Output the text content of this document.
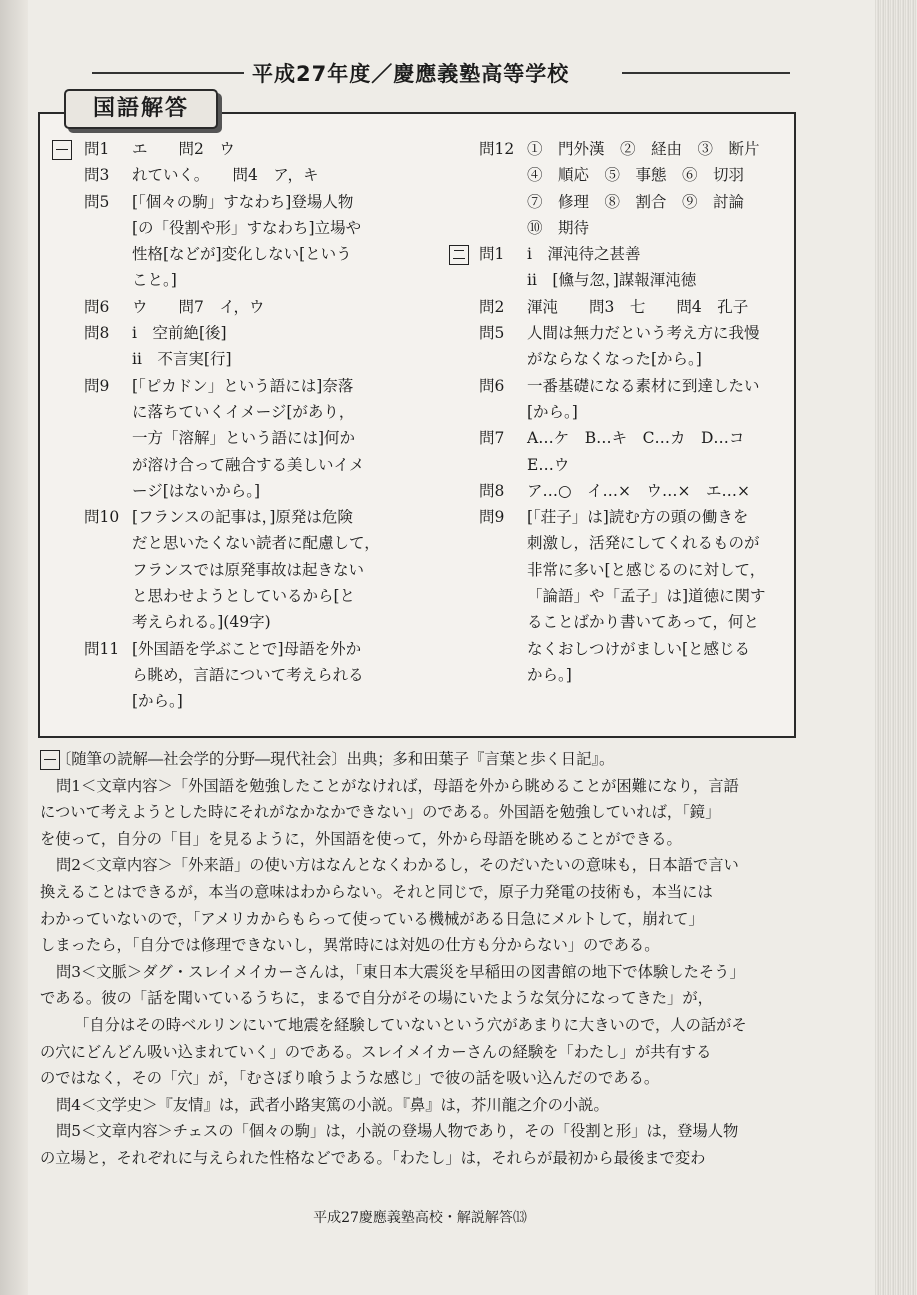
平成27年度／慶應義塾高等学校
国語解答
問1 エ　　問2　ウ
問3 れていく。　　問4　ア，キ
問5 [「個々の駒」すなわち]登場人物
[の「役割や形」すなわち]立場や
性格[などが]変化しない[という
こと。]
問6 ウ　　問7　イ，ウ
問8 ⅰ　空前絶[後]
ⅱ　不言実[行]
問9 [「ピカドン」という語には]奈落
に落ちていくイメージ[があり，
一方「溶解」という語には]何か
が溶け合って融合する美しいイメ
ージ[はないから。]
問10 [フランスの記事は，]原発は危険
だと思いたくない読者に配慮して，
フランスでは原発事故は起きない
と思わせようとしているから[と
考えられる。](49字)
問11 [外国語を学ぶことで]母語を外か
ら眺め，言語について考えられる
[から。]
問12 ①　門外漢　②　経由　③　断片
④　順応　⑤　事態　⑥　切羽
⑦　修理　⑧　割合　⑨　討論
⑩　期待
問1 ⅰ　渾沌待之甚善
ⅱ　[儵与忽，]謀報渾沌徳
問2 渾沌　　問3　七　　問4　孔子
問5 人間は無力だという考え方に我慢
がならなくなった[から。]
問6 一番基礎になる素材に到達したい
[から。]
問7 A…ケ　B…キ　C…カ　D…コ
E…ウ
問8 ア…○　イ…×　ウ…×　エ…×
問9 [「荘子」は]読む方の頭の働きを
刺激し，活発にしてくれるものが
非常に多い[と感じるのに対して，
「論語」や「孟子」は]道徳に関す
ることばかり書いてあって，何と
なくおしつけがましい[と感じる
から。]

〔随筆の読解―社会学的分野―現代社会〕出典；多和田葉子『言葉と歩く日記』。

問1＜文章内容＞「外国語を勉強したことがなければ，母語を外から眺めることが困難になり，言語

について考えようとした時にそれがなかなかできない」のである。外国語を勉強していれば，「鏡」

を使って，自分の「目」を見るように，外国語を使って，外から母語を眺めることができる。

問2＜文章内容＞「外来語」の使い方はなんとなくわかるし，そのだいたいの意味も，日本語で言い

換えることはできるが，本当の意味はわからない。それと同じで，原子力発電の技術も，本当には

わかっていないので，「アメリカからもらって使っている機械がある日急にメルトして，崩れて」

しまったら，「自分では修理できないし，異常時には対処の仕方も分からない」のである。

問3＜文脈＞ダグ・スレイメイカーさんは，「東日本大震災を早稲田の図書館の地下で体験したそう」

である。彼の「話を聞いているうちに，まるで自分がその場にいたような気分になってきた」が，

「自分はその時ベルリンにいて地震を経験していないという穴があまりに大きいので，人の話がそ

の穴にどんどん吸い込まれていく」のである。スレイメイカーさんの経験を「わたし」が共有する

のではなく，その「穴」が，「むさぼり喰うような感じ」で彼の話を吸い込んだのである。

問4＜文学史＞『友情』は，武者小路実篤の小説。『鼻』は，芥川龍之介の小説。

問5＜文章内容＞チェスの「個々の駒」は，小説の登場人物であり，その「役割と形」は，登場人物

の立場と，それぞれに与えられた性格などである。「わたし」は，それらが最初から最後まで変わ

平成27慶應義塾高校・解説解答⒀
